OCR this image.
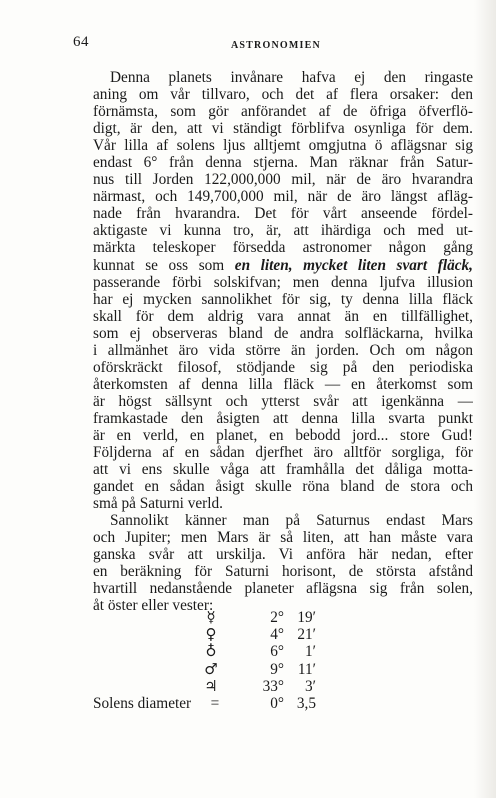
64	ASTRONOMIEN
Denna planets invånare hafva ej den ringaste
aning om vår tillvaro, och det af flera orsaker: den
förnämsta, som gör anförandet af de öfriga öfverflö-
digt, är den, att vi ständigt förblifva osynliga för dem.
Vår lilla af solens ljus alltjemt omgjutna ö aflägsnar sig
endast 6° från denna stjerna. Man räknar från Satur-
nus till Jorden 122,000,000 mil, när de äro hvarandra
närmast, och 149,700,000 mil, när de äro längst afläg-
nade från hvarandra. Det för vårt anseende fördel-
aktigaste vi kunna tro, är, att ihärdiga och med ut-
märkta teleskoper försedda astronomer någon gång
kunnat se oss som en liten, mycket liten svart fläck,
passerande förbi solskifvan; men denna ljufva illusion
har ej mycken sannolikhet för sig, ty denna lilla fläck
skall för dem aldrig vara annat än en tillfällighet,
som ej observeras bland de andra solfläckarna, hvilka
i allmänhet äro vida större än jorden. Och om någon
oförskräckt filosof, stödjande sig på den periodiska
återkomsten af denna lilla fläck — en återkomst som
är högst sällsynt och ytterst svår att igenkänna —
framkastade den åsigten att denna lilla svarta punkt
är en verld, en planet, en bebodd jord... store Gud!
Följderna af en sådan djerfhet äro alltför sorgliga, för
att vi ens skulle våga att framhålla det dåliga motta-
gandet en sådan åsigt skulle röna bland de stora och
små på Saturni verld.
Sannolikt känner man på Saturnus endast Mars
och Jupiter; men Mars är så liten, att han måste vara
ganska svår att urskilja. Vi anföra här nedan, efter
en beräkning för Saturni horisont, de största afstånd
hvartill nedanstående planeter aflägsna sig från solen,
åt öster eller vester:
☿	2° 19′
♀	4° 21′
♁	6°	1′
♂	9° 11′
♃	33°	3′
Solens diameter	=	0° 3,5
